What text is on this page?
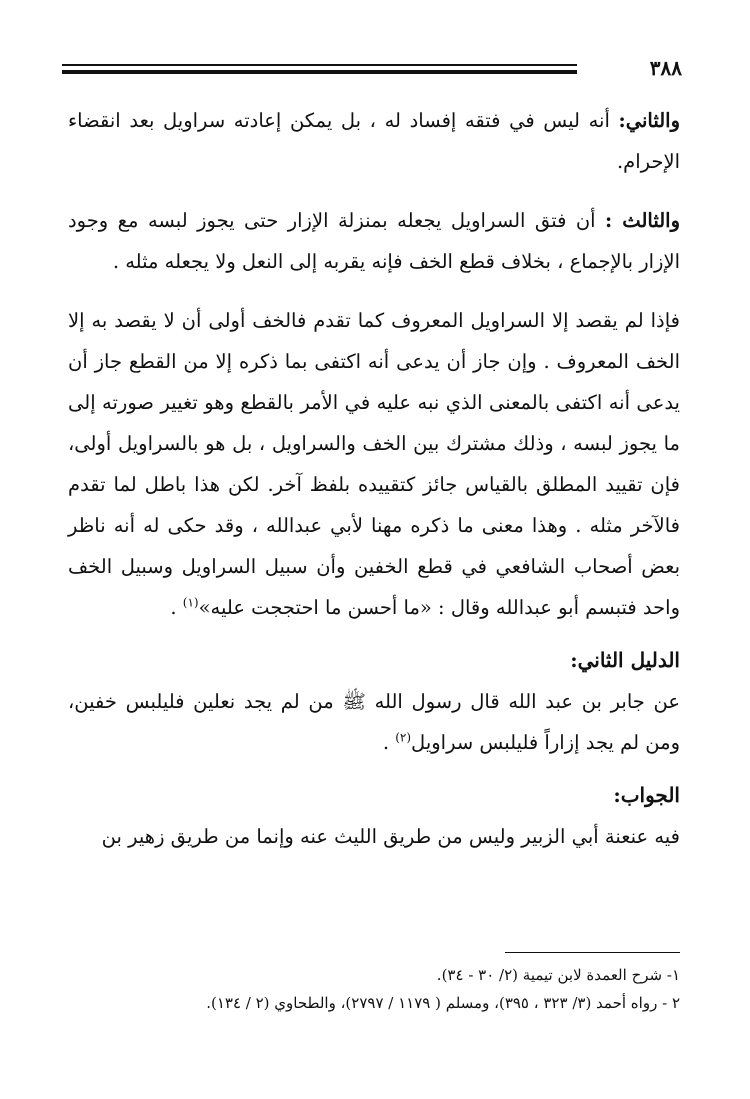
٣٨٨

والثاني: أنه ليس في فتقه إفساد له ، بل يمكن إعادته سراويل بعد انقضاء الإحرام.

والثالث : أن فتق السراويل يجعله بمنزلة الإزار حتى يجوز لبسه مع وجود الإزار بالإجماع ، بخلاف قطع الخف فإنه يقربه إلى النعل ولا يجعله مثله .

فإذا لم يقصد إلا السراويل المعروف كما تقدم فالخف أولى أن لا يقصد به إلا الخف المعروف . وإن جاز أن يدعى أنه اكتفى بما ذكره إلا من القطع جاز أن يدعى أنه اكتفى بالمعنى الذي نبه عليه في الأمر بالقطع وهو تغيير صورته إلى ما يجوز لبسه ، وذلك مشترك بين الخف والسراويل ، بل هو بالسراويل أولى، فإن تقييد المطلق بالقياس جائز كتقييده بلفظ آخر. لكن هذا باطل لما تقدم فالآخر مثله . وهذا معنى ما ذكره مهنا لأبي عبدالله ، وقد حكى له أنه ناظر بعض أصحاب الشافعي في قطع الخفين وأن سبيل السراويل وسبيل الخف واحد فتبسم أبو عبدالله وقال : «ما أحسن ما احتججت عليه»$^{(١)}$ .

الدليل الثاني:

عن جابر بن عبد الله قال رسول الله ﷺ من لم يجد نعلين فليلبس خفين، ومن لم يجد إزاراً فليلبس سراويل$^{(٢)}$ .

الجواب:

فيه عنعنة أبي الزبير وليس من طريق الليث عنه وإنما من طريق زهير بن

١- شرح العمدة لابن تيمية (٢/ ٣٠ - ٣٤).

٢ - رواه أحمد (٣/ ٣٢٣ ، ٣٩٥)، ومسلم ( ١١٧٩ / ٢٧٩٧)، والطحاوي (٢ / ١٣٤).
